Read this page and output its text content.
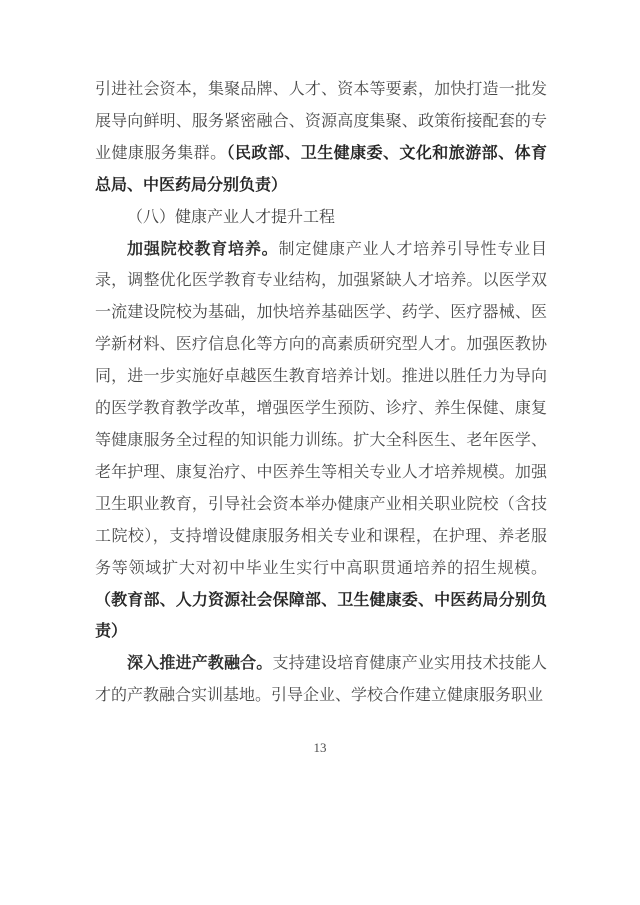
引进社会资本，集聚品牌、人才、资本等要素，加快打造一批发展导向鲜明、服务紧密融合、资源高度集聚、政策衔接配套的专业健康服务集群。（民政部、卫生健康委、文化和旅游部、体育总局、中医药局分别负责）

（八）健康产业人才提升工程

加强院校教育培养。制定健康产业人才培养引导性专业目录，调整优化医学教育专业结构，加强紧缺人才培养。以医学双一流建设院校为基础，加快培养基础医学、药学、医疗器械、医学新材料、医疗信息化等方向的高素质研究型人才。加强医教协同，进一步实施好卓越医生教育培养计划。推进以胜任力为导向的医学教育教学改革，增强医学生预防、诊疗、养生保健、康复等健康服务全过程的知识能力训练。扩大全科医生、老年医学、老年护理、康复治疗、中医养生等相关专业人才培养规模。加强卫生职业教育，引导社会资本举办健康产业相关职业院校（含技工院校），支持增设健康服务相关专业和课程，在护理、养老服务等领域扩大对初中毕业生实行中高职贯通培养的招生规模。（教育部、人力资源社会保障部、卫生健康委、中医药局分别负责）

深入推进产教融合。支持建设培育健康产业实用技术技能人才的产教融合实训基地。引导企业、学校合作建立健康服务职业

13
